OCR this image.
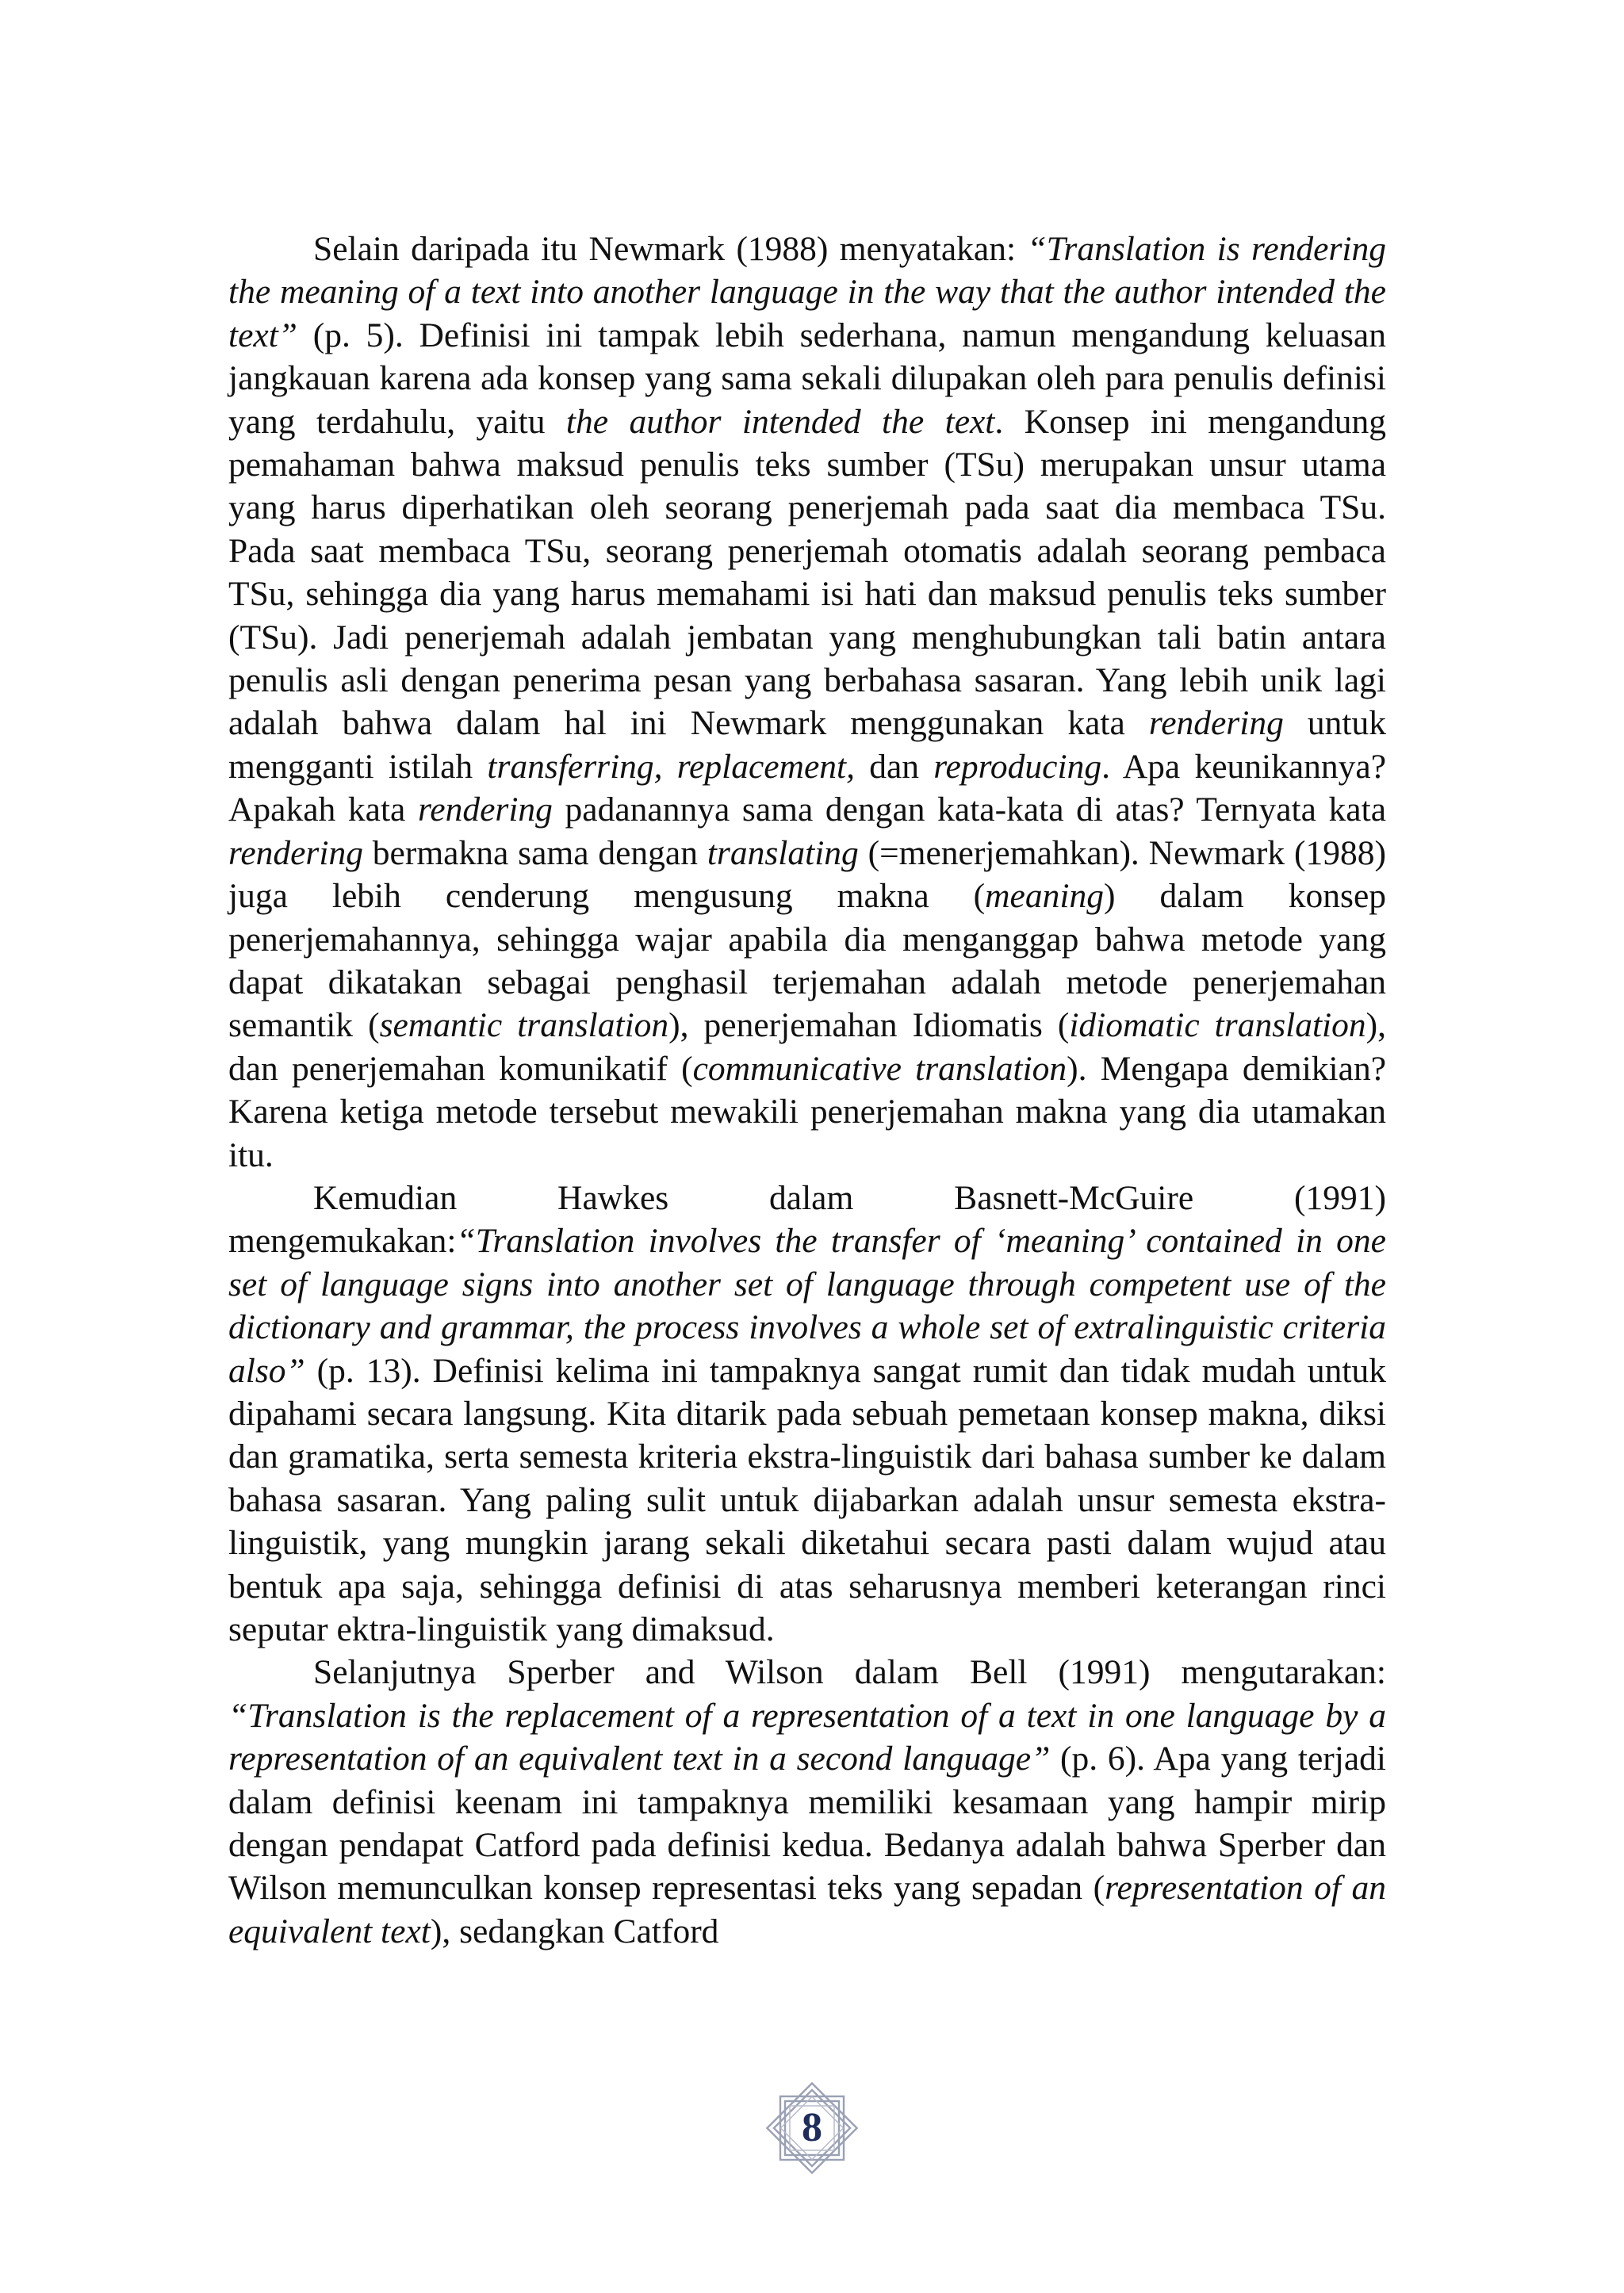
Selain daripada itu Newmark (1988) menyatakan: “Translation is rendering the meaning of a text into another language in the way that the author intended the text” (p. 5). Definisi ini tampak lebih sederhana, namun mengandung keluasan jangkauan karena ada konsep yang sama sekali dilupakan oleh para penulis definisi yang terdahulu, yaitu the author intended the text. Konsep ini mengandung pemahaman bahwa maksud penulis teks sumber (TSu) merupakan unsur utama yang harus diperhatikan oleh seorang penerjemah pada saat dia membaca TSu. Pada saat membaca TSu, seorang penerjemah otomatis adalah seorang pembaca TSu, sehingga dia yang harus memahami isi hati dan maksud penulis teks sumber (TSu). Jadi penerjemah adalah jembatan yang menghubungkan tali batin antara penulis asli dengan penerima pesan yang berbahasa sasaran. Yang lebih unik lagi adalah bahwa dalam hal ini Newmark menggunakan kata rendering untuk mengganti istilah transferring, replacement, dan reproducing. Apa keunikannya? Apakah kata rendering padanannya sama dengan kata-kata di atas? Ternyata kata rendering bermakna sama dengan translating (=menerjemahkan). Newmark (1988) juga lebih cenderung mengusung makna (meaning) dalam konsep penerjemahannya, sehingga wajar apabila dia menganggap bahwa metode yang dapat dikatakan sebagai penghasil terjemahan adalah metode penerjemahan semantik (semantic translation), penerjemahan Idiomatis (idiomatic translation), dan penerjemahan komunikatif (communicative translation). Mengapa demikian? Karena ketiga metode tersebut mewakili penerjemahan makna yang dia utamakan itu.

Kemudian Hawkes dalam Basnett-McGuire (1991) mengemukakan:“Translation involves the transfer of ‘meaning’ contained in one set of language signs into another set of language through competent use of the dictionary and grammar, the process involves a whole set of extralinguistic criteria also” (p. 13). Definisi kelima ini tampaknya sangat rumit dan tidak mudah untuk dipahami secara langsung. Kita ditarik pada sebuah pemetaan konsep makna, diksi dan gramatika, serta semesta kriteria ekstra-linguistik dari bahasa sumber ke dalam bahasa sasaran. Yang paling sulit untuk dijabarkan adalah unsur semesta ekstra-linguistik, yang mungkin jarang sekali diketahui secara pasti dalam wujud atau bentuk apa saja, sehingga definisi di atas seharusnya memberi keterangan rinci seputar ektra-linguistik yang dimaksud.

Selanjutnya Sperber and Wilson dalam Bell (1991) mengutarakan: “Translation is the replacement of a representation of a text in one language by a representation of an equivalent text in a second language” (p. 6). Apa yang terjadi dalam definisi keenam ini tampaknya memiliki kesamaan yang hampir mirip dengan pendapat Catford pada definisi kedua. Bedanya adalah bahwa Sperber dan Wilson memunculkan konsep representasi teks yang sepadan (representation of an equivalent text), sedangkan Catford

8
